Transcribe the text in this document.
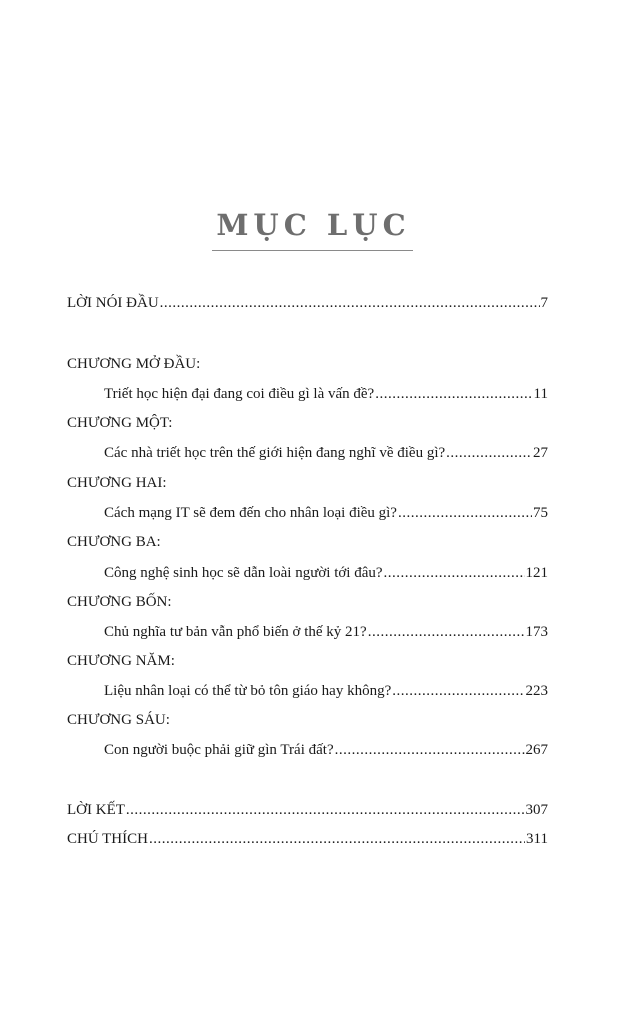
MỤC LỤC
LỜI NÓI ĐẦU .....	7
CHƯƠNG MỞ ĐẦU:
Triết học hiện đại đang coi điều gì là vấn đề? .....	11
CHƯƠNG MỘT:
Các nhà triết học trên thế giới hiện đang nghĩ về điều gì? .....	27
CHƯƠNG HAI:
Cách mạng IT sẽ đem đến cho nhân loại điều gì? .....	75
CHƯƠNG BA:
Công nghệ sinh học sẽ dẫn loài người tới đâu? .....	121
CHƯƠNG BỐN:
Chủ nghĩa tư bản vẫn phổ biến ở thế kỷ 21? .....	173
CHƯƠNG NĂM:
Liệu nhân loại có thể từ bỏ tôn giáo hay không? .....	223
CHƯƠNG SÁU:
Con người buộc phải giữ gìn Trái đất? .....	267
LỜI KẾT .....	307
CHÚ THÍCH .....	311
